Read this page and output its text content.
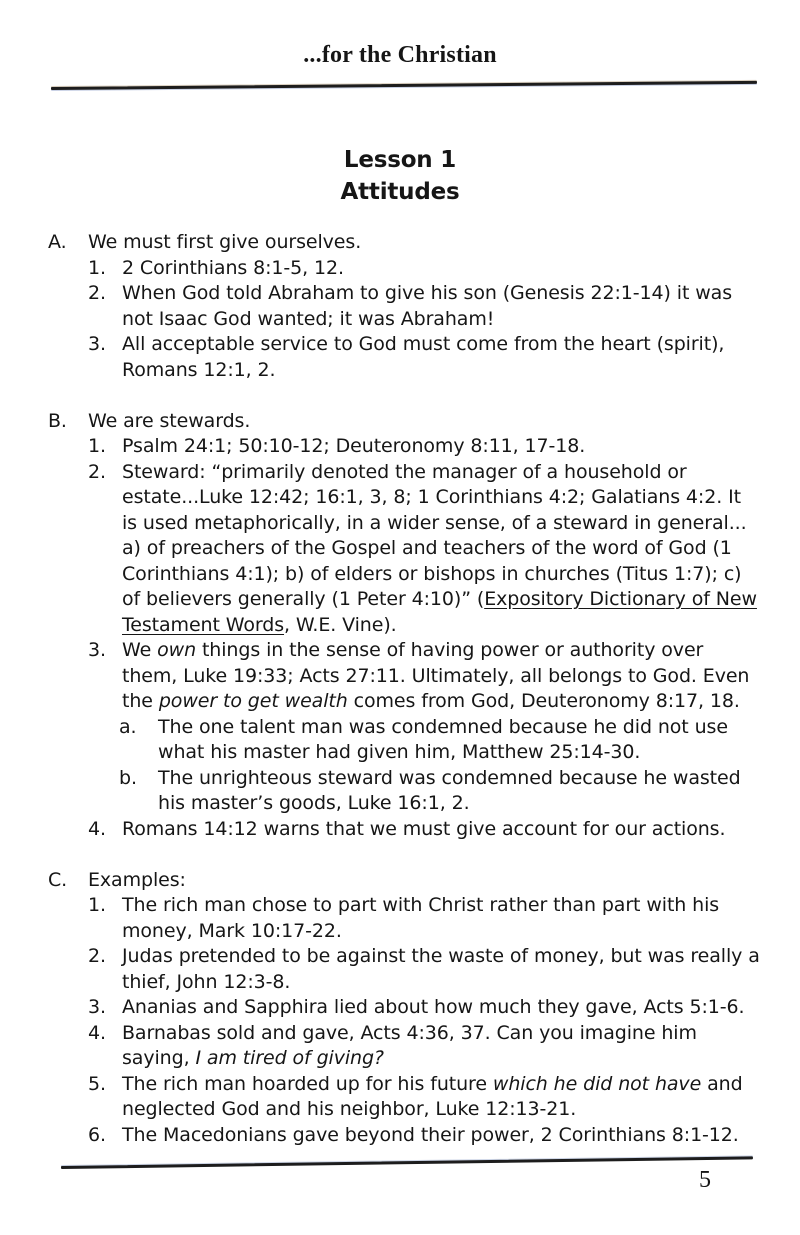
...for the Christian
Lesson 1
Attitudes
A.	We must first give ourselves.
1. 2 Corinthians 8:1-5, 12.
2. When God told Abraham to give his son (Genesis 22:1-14) it was not Isaac God wanted; it was Abraham!
3. All acceptable service to God must come from the heart (spirit), Romans 12:1, 2.
B.	We are stewards.
1. Psalm 24:1; 50:10-12; Deuteronomy 8:11, 17-18.
2. Steward: “primarily denoted the manager of a household or estate...Luke 12:42; 16:1, 3, 8; 1 Corinthians 4:2; Galatians 4:2. It is used metaphorically, in a wider sense, of a steward in general... a) of preachers of the Gospel and teachers of the word of God (1 Corinthians 4:1); b) of elders or bishops in churches (Titus 1:7); c) of believers generally (1 Peter 4:10)” (Expository Dictionary of New Testament Words, W.E. Vine).
3. We own things in the sense of having power or authority over them, Luke 19:33; Acts 27:11. Ultimately, all belongs to God. Even the power to get wealth comes from God, Deuteronomy 8:17, 18.
a.	The one talent man was condemned because he did not use what his master had given him, Matthew 25:14-30.
b.	The unrighteous steward was condemned because he wasted his master’s goods, Luke 16:1, 2.
4. Romans 14:12 warns that we must give account for our actions.
C.	Examples:
1. The rich man chose to part with Christ rather than part with his money, Mark 10:17-22.
2. Judas pretended to be against the waste of money, but was really a thief, John 12:3-8.
3. Ananias and Sapphira lied about how much they gave, Acts 5:1-6.
4. Barnabas sold and gave, Acts 4:36, 37. Can you imagine him saying, I am tired of giving?
5. The rich man hoarded up for his future which he did not have and neglected God and his neighbor, Luke 12:13-21.
6. The Macedonians gave beyond their power, 2 Corinthians 8:1-12.
5
